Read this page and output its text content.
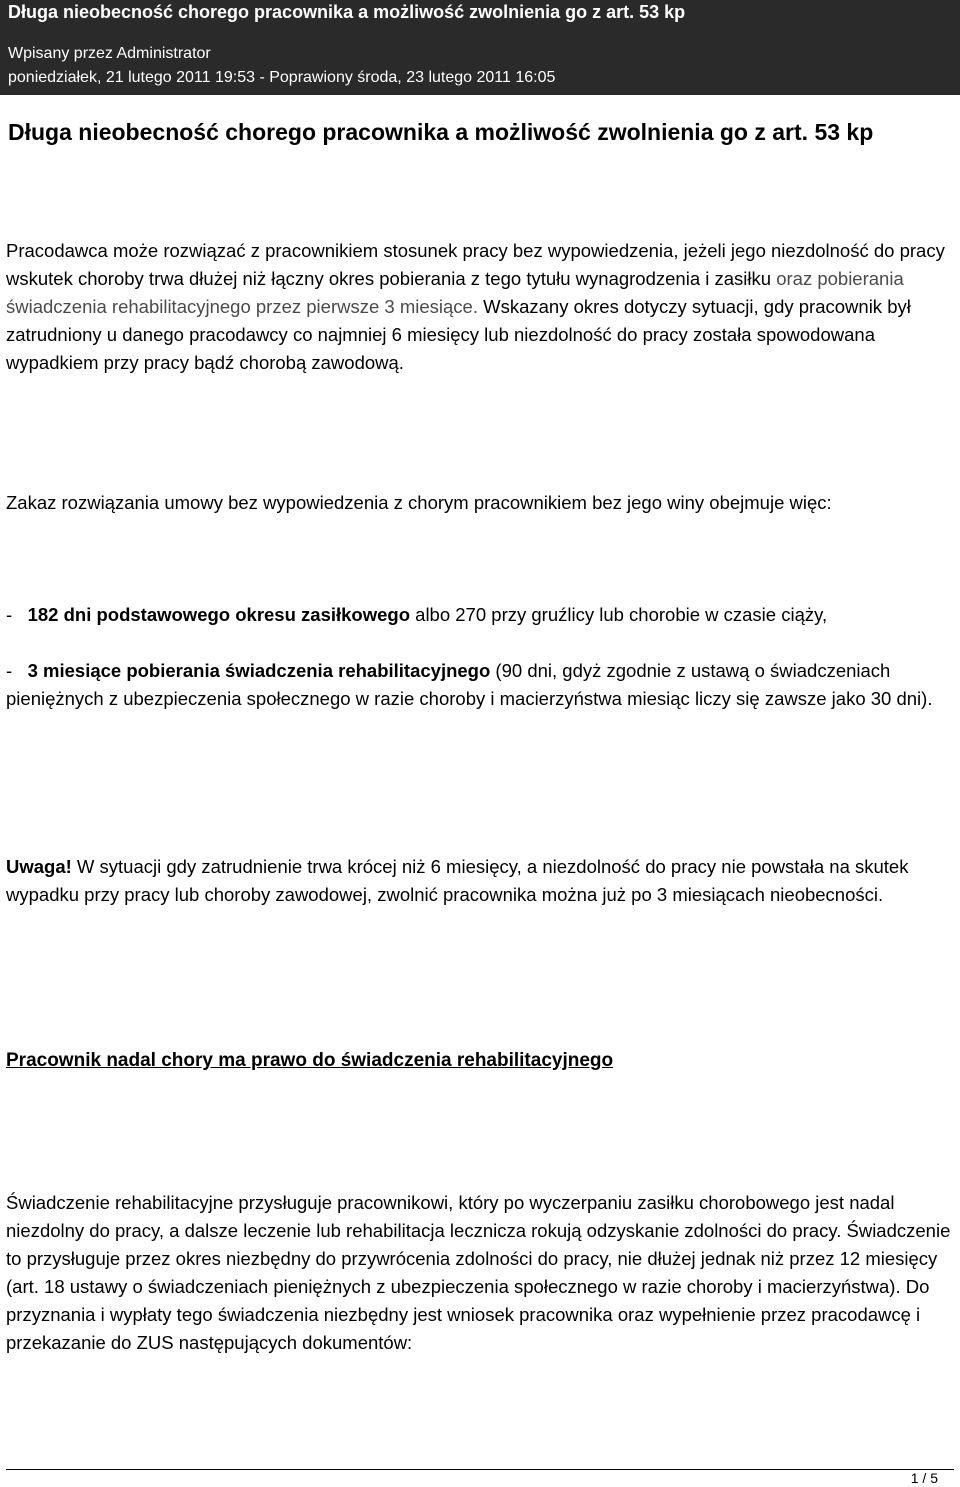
Długa nieobecność chorego pracownika a możliwość zwolnienia go z art. 53 kp
Wpisany przez Administrator
poniedziałek, 21 lutego 2011 19:53 - Poprawiony środa, 23 lutego 2011 16:05
Długa nieobecność chorego pracownika a możliwość zwolnienia go z art. 53 kp

Pracodawca może rozwiązać z pracownikiem stosunek pracy bez wypowiedzenia, jeżeli jego niezdolność do pracy wskutek choroby trwa dłużej niż łączny okres pobierania z tego tytułu wynagrodzenia i zasiłku oraz pobierania świadczenia rehabilitacyjnego przez pierwsze 3 miesiące. Wskazany okres dotyczy sytuacji, gdy pracownik był zatrudniony u danego pracodawcy co najmniej 6 miesięcy lub niezdolność do pracy została spowodowana wypadkiem przy pracy bądź chorobą zawodową.

Zakaz rozwiązania umowy bez wypowiedzenia z chorym pracownikiem bez jego winy obejmuje więc:

-   182 dni podstawowego okresu zasiłkowego albo 270 przy gruźlicy lub chorobie w czasie ciąży,

-   3 miesiące pobierania świadczenia rehabilitacyjnego (90 dni, gdyż zgodnie z ustawą o świadczeniach pieniężnych z ubezpieczenia społecznego w razie choroby i macierzyństwa miesiąc liczy się zawsze jako 30 dni).

Uwaga! W sytuacji gdy zatrudnienie trwa krócej niż 6 miesięcy, a niezdolność do pracy nie powstała na skutek wypadku przy pracy lub choroby zawodowej, zwolnić pracownika można już po 3 miesiącach nieobecności.

Pracownik nadal chory ma prawo do świadczenia rehabilitacyjnego

Świadczenie rehabilitacyjne przysługuje pracownikowi, który po wyczerpaniu zasiłku chorobowego jest nadal niezdolny do pracy, a dalsze leczenie lub rehabilitacja lecznicza rokują odzyskanie zdolności do pracy. Świadczenie to przysługuje przez okres niezbędny do przywrócenia zdolności do pracy, nie dłużej jednak niż przez 12 miesięcy (art. 18 ustawy o świadczeniach pieniężnych z ubezpieczenia społecznego w razie choroby i macierzyństwa). Do przyznania i wypłaty tego świadczenia niezbędny jest wniosek pracownika oraz wypełnienie przez pracodawcę i przekazanie do ZUS następujących dokumentów:

1 / 5
